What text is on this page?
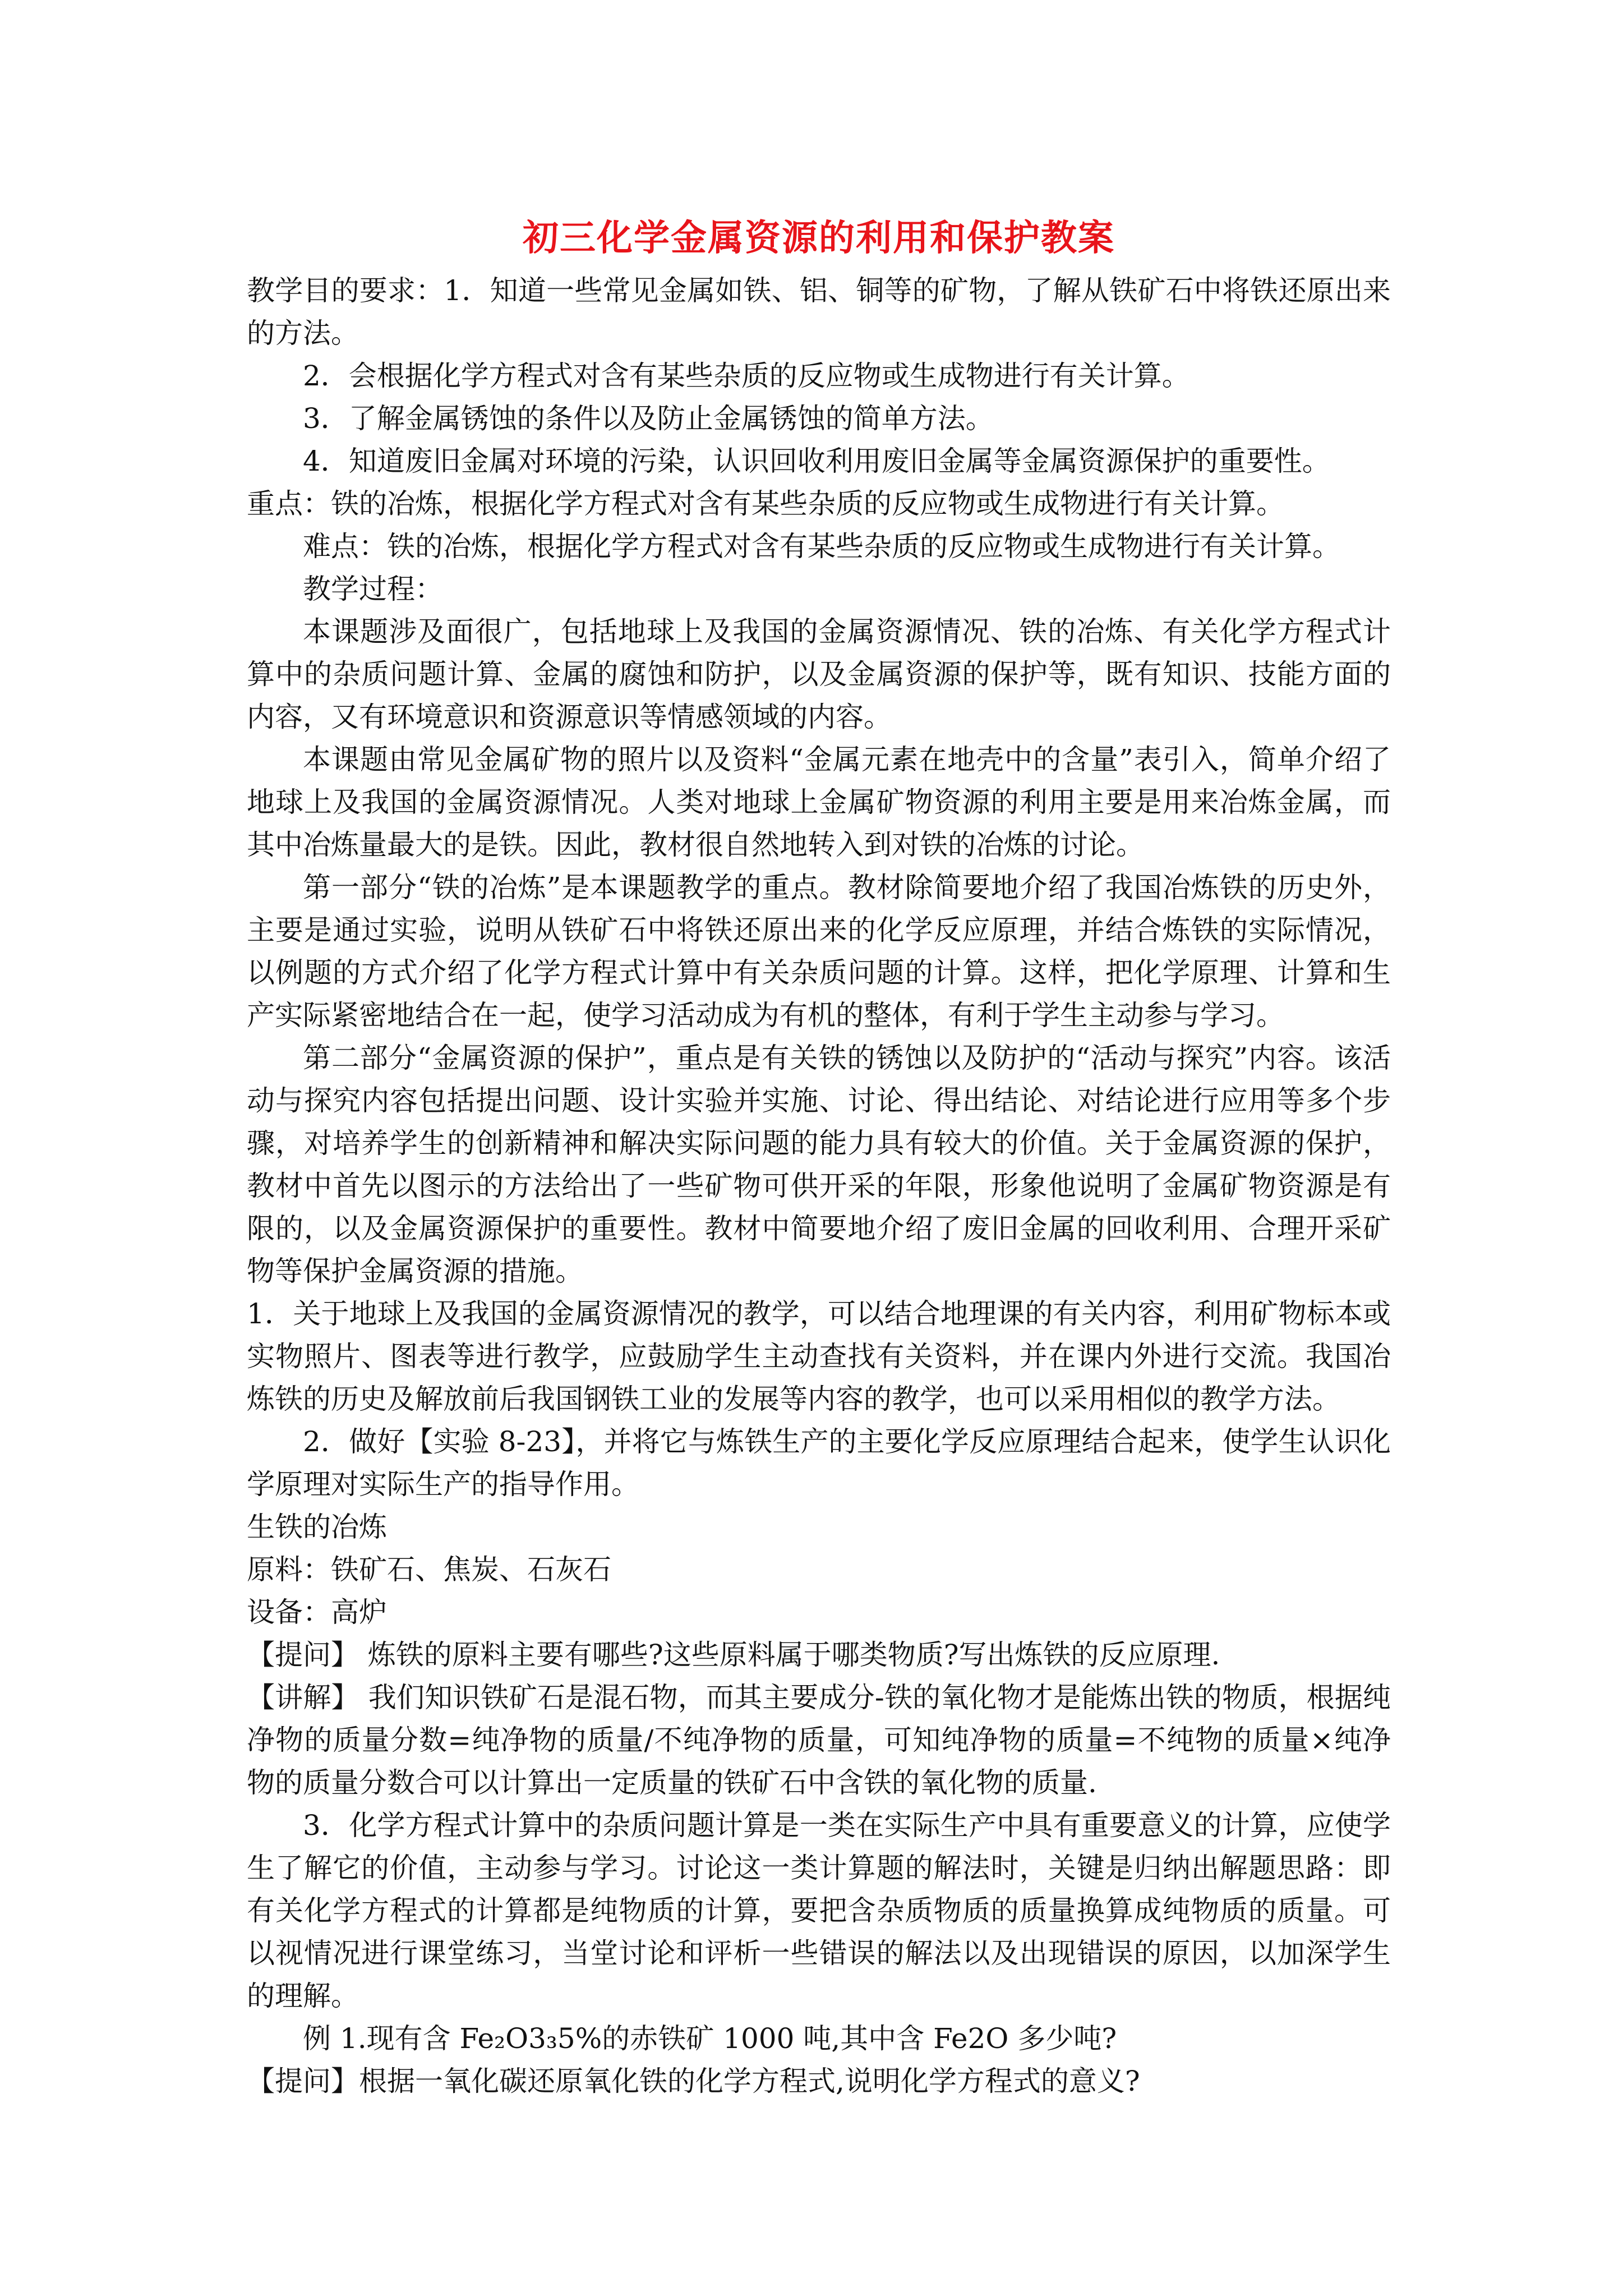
初三化学金属资源的利用和保护教案

教学目的要求：1．知道一些常见金属如铁、铝、铜等的矿物，了解从铁矿石中将铁还原出来的方法。

2．会根据化学方程式对含有某些杂质的反应物或生成物进行有关计算。

3．了解金属锈蚀的条件以及防止金属锈蚀的简单方法。

4．知道废旧金属对环境的污染，认识回收利用废旧金属等金属资源保护的重要性。

重点：铁的冶炼，根据化学方程式对含有某些杂质的反应物或生成物进行有关计算。

难点：铁的冶炼，根据化学方程式对含有某些杂质的反应物或生成物进行有关计算。

教学过程：

本课题涉及面很广，包括地球上及我国的金属资源情况、铁的冶炼、有关化学方程式计算中的杂质问题计算、金属的腐蚀和防护，以及金属资源的保护等，既有知识、技能方面的内容，又有环境意识和资源意识等情感领域的内容。

本课题由常见金属矿物的照片以及资料“金属元素在地壳中的含量”表引入，简单介绍了地球上及我国的金属资源情况。人类对地球上金属矿物资源的利用主要是用来冶炼金属，而其中冶炼量最大的是铁。因此，教材很自然地转入到对铁的冶炼的讨论。

第一部分“铁的冶炼”是本课题教学的重点。教材除简要地介绍了我国冶炼铁的历史外，主要是通过实验，说明从铁矿石中将铁还原出来的化学反应原理，并结合炼铁的实际情况，以例题的方式介绍了化学方程式计算中有关杂质问题的计算。这样，把化学原理、计算和生产实际紧密地结合在一起，使学习活动成为有机的整体，有利于学生主动参与学习。

第二部分“金属资源的保护”，重点是有关铁的锈蚀以及防护的“活动与探究”内容。该活动与探究内容包括提出问题、设计实验并实施、讨论、得出结论、对结论进行应用等多个步骤，对培养学生的创新精神和解决实际问题的能力具有较大的价值。关于金属资源的保护，教材中首先以图示的方法给出了一些矿物可供开采的年限，形象他说明了金属矿物资源是有限的，以及金属资源保护的重要性。教材中简要地介绍了废旧金属的回收利用、合理开采矿物等保护金属资源的措施。

1．关于地球上及我国的金属资源情况的教学，可以结合地理课的有关内容，利用矿物标本或实物照片、图表等进行教学，应鼓励学生主动查找有关资料，并在课内外进行交流。我国冶炼铁的历史及解放前后我国钢铁工业的发展等内容的教学，也可以采用相似的教学方法。

2．做好【实验 8-23】，并将它与炼铁生产的主要化学反应原理结合起来，使学生认识化学原理对实际生产的指导作用。

生铁的冶炼

原料：铁矿石、焦炭、石灰石

设备：高炉

【提问】 炼铁的原料主要有哪些?这些原料属于哪类物质?写出炼铁的反应原理.

【讲解】 我们知识铁矿石是混石物，而其主要成分-铁的氧化物才是能炼出铁的物质，根据纯净物的质量分数=纯净物的质量/不纯净物的质量，可知纯净物的质量=不纯物的质量×纯净物的质量分数合可以计算出一定质量的铁矿石中含铁的氧化物的质量.

3．化学方程式计算中的杂质问题计算是一类在实际生产中具有重要意义的计算，应使学生了解它的价值，主动参与学习。讨论这一类计算题的解法时，关键是归纳出解题思路：即有关化学方程式的计算都是纯物质的计算，要把含杂质物质的质量换算成纯物质的质量。可以视情况进行课堂练习，当堂讨论和评析一些错误的解法以及出现错误的原因，以加深学生的理解。

例 1.现有含 Fe₂O3₃5%的赤铁矿 1000 吨,其中含 Fe2O 多少吨?

【提问】根据一氧化碳还原氧化铁的化学方程式,说明化学方程式的意义?
